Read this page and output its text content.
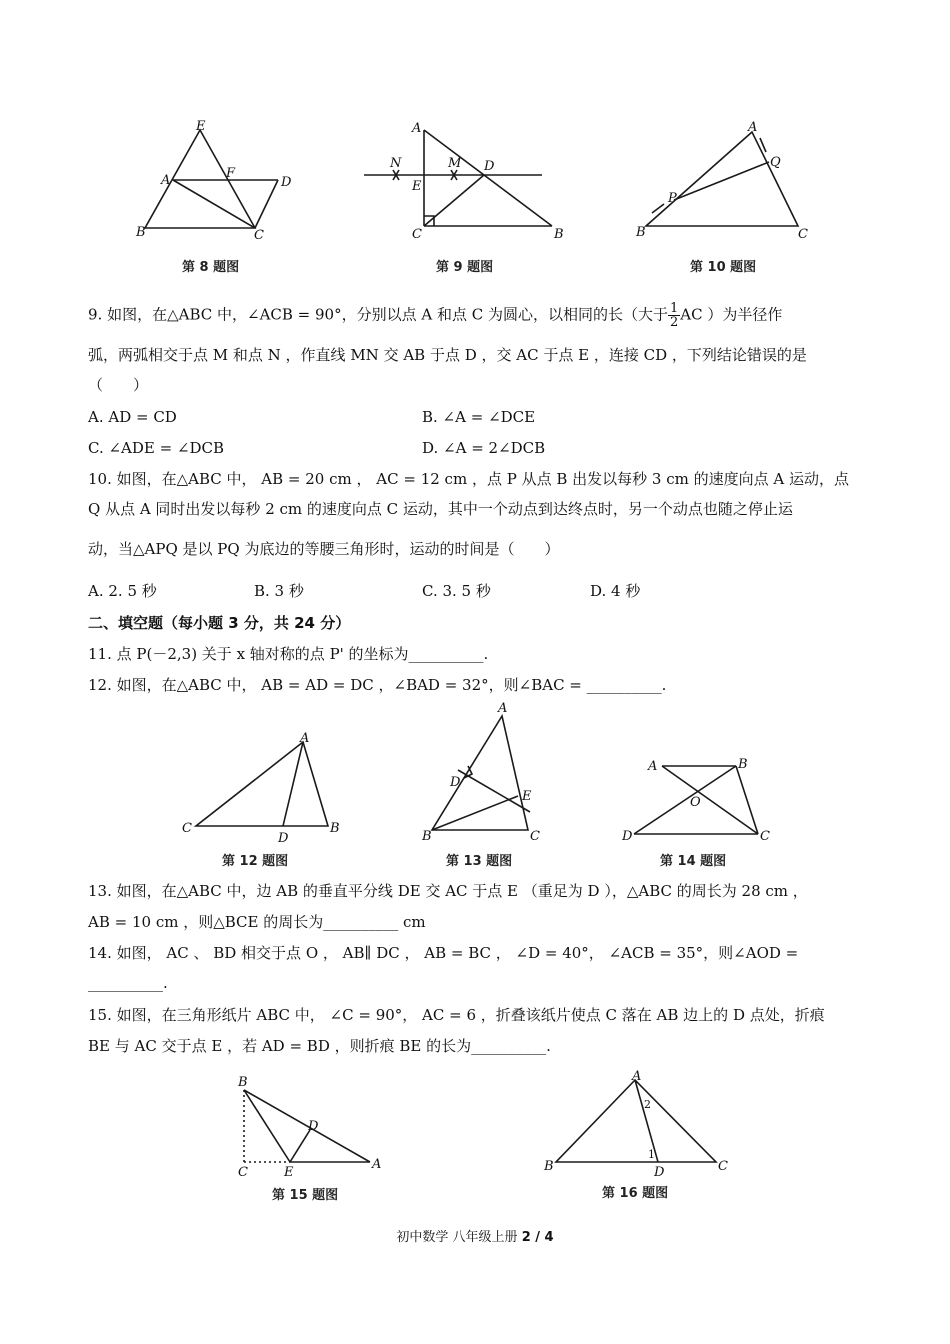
E
A	F
D
B	C
第 8 题图
A
N	M D
E
C	B
第 9 题图
A
Q
P
B	C
第 10 题图
9. 如图，在△ABC 中，∠ACB = 90°，分别以点 A 和点 C 为圆心，以相同的长（大于 $\frac{1}{2}$ AC ）为半径作
弧，两弧相交于点 M 和点 N ，作直线 MN 交 AB 于点 D ，交 AC 于点 E ，连接 CD ，下列结论错误的是
（　　）
A. AD = CD	B. ∠A = ∠DCE
C. ∠ADE = ∠DCB	D. ∠A = 2∠DCB
10. 如图，在△ABC 中， AB = 20 cm ， AC = 12 cm ，点 P 从点 B 出发以每秒 3 cm 的速度向点 A 运动，点
Q 从点 A 同时出发以每秒 2 cm 的速度向点 C 运动，其中一个动点到达终点时，另一个动点也随之停止运
动，当△APQ 是以 PQ 为底边的等腰三角形时，运动的时间是（　　）
A. 2. 5 秒	B. 3 秒	C. 3. 5 秒	D. 4 秒
二、填空题（每小题 3 分，共 24 分）
11. 点 P(－2,3) 关于 x 轴对称的点 P' 的坐标为__________.
12. 如图，在△ABC 中， AB = AD = DC ，∠BAD = 32°，则∠BAC = __________.
A
C
D
B
第 12 题图
A
D
E
B	C
第 13 题图
A	B
O
D	C
第 14 题图
13. 如图，在△ABC 中，边 AB 的垂直平分线 DE 交 AC 于点 E （重足为 D ），△ABC 的周长为 28 cm ，
AB = 10 cm ，则△BCE 的周长为__________ cm
14. 如图， AC 、 BD 相交于点 O ， AB∥ DC ， AB = BC ， ∠D = 40°， ∠ACB = 35°，则∠AOD =
__________.
15. 如图，在三角形纸片 ABC 中， ∠C = 90°， AC = 6 ，折叠该纸片使点 C 落在 AB 边上的 D 点处，折痕
BE 与 AC 交于点 E ，若 AD = BD ，则折痕 BE 的长为__________.
B
D
C	E
A
第 15 题图
A
2
1
B	D	C
第 16 题图
初中数学 八年级上册 2 / 4
